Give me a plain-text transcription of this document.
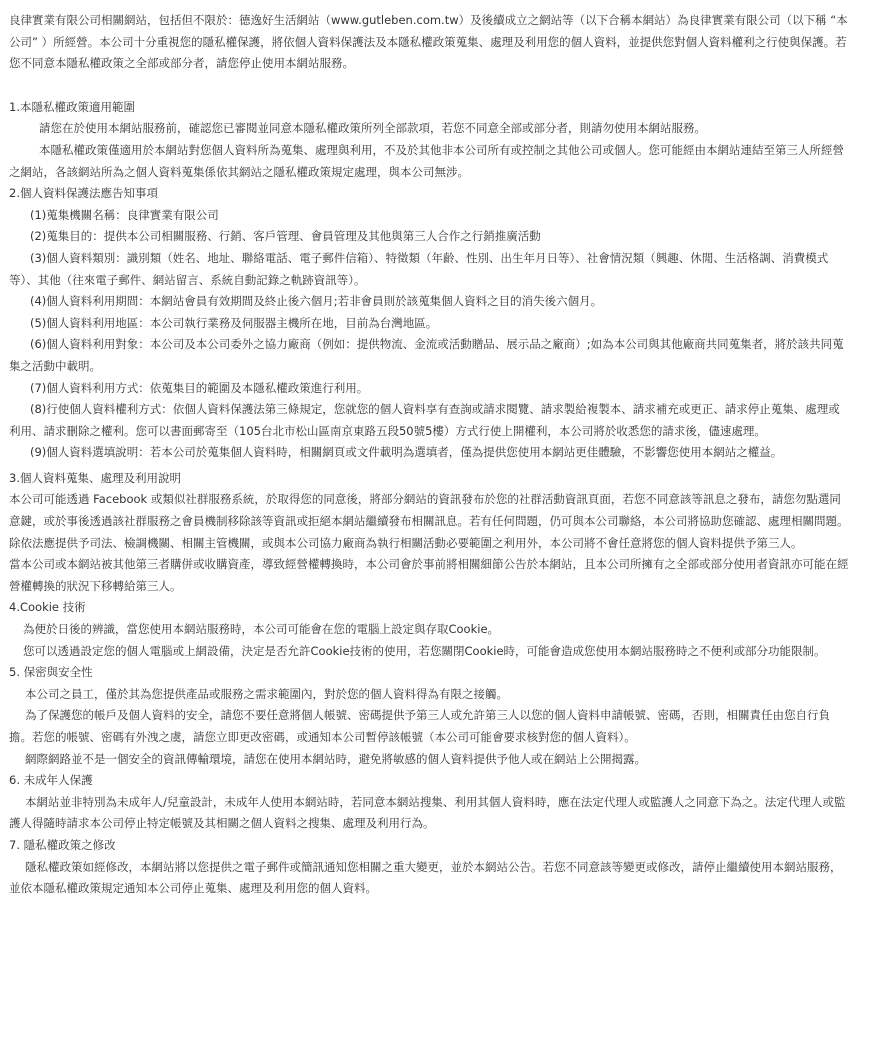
良律實業有限公司相關網站，包括但不限於：德逸好生活網站（www.gutleben.com.tw）及後續成立之網站等（以下合稱本網站）為良律實業有限公司（以下稱 “本公司” ）所經營。本公司十分重視您的隱私權保護，將依個人資料保護法及本隱私權政策蒐集、處理及利用您的個人資料，並提供您對個人資料權利之行使與保護。若您不同意本隱私權政策之全部或部分者，請您停止使用本網站服務。

1.本隱私權政策適用範圍

請您在於使用本網站服務前，確認您已審閱並同意本隱私權政策所列全部款項，若您不同意全部或部分者，則請勿使用本網站服務。

本隱私權政策僅適用於本網站對您個人資料所為蒐集、處理與利用，不及於其他非本公司所有或控制之其他公司或個人。您可能經由本網站連結至第三人所經營之網站，各該網站所為之個人資料蒐集係依其網站之隱私權政策規定處理，與本公司無涉。

2.個人資料保護法應告知事項

(1)蒐集機關名稱：良律實業有限公司

(2)蒐集目的：提供本公司相關服務、行銷、客戶管理、會員管理及其他與第三人合作之行銷推廣活動

(3)個人資料類別：識別類（姓名、地址、聯絡電話、電子郵件信箱）、特徵類（年齡、性別、出生年月日等）、社會情況類（興趣、休閒、生活格調、消費模式等）、其他（往來電子郵件、網站留言、系統自動記錄之軌跡資訊等）。

(4)個人資料利用期間：本網站會員有效期間及終止後六個月;若非會員則於該蒐集個人資料之目的消失後六個月。

(5)個人資料利用地區：本公司執行業務及伺服器主機所在地，目前為台灣地區。

(6)個人資料利用對象：本公司及本公司委外之協力廠商（例如：提供物流、金流或活動贈品、展示品之廠商）;如為本公司與其他廠商共同蒐集者，將於該共同蒐集之活動中載明。

(7)個人資料利用方式：依蒐集目的範圍及本隱私權政策進行利用。

(8)行使個人資料權利方式：依個人資料保護法第三條規定，您就您的個人資料享有查詢或請求閱覽、請求製給複製本、請求補充或更正、請求停止蒐集、處理或利用、請求刪除之權利。您可以書面郵寄至（105台北市松山區南京東路五段50號5樓）方式行使上開權利，本公司將於收悉您的請求後，儘速處理。

(9)個人資料選填說明：若本公司於蒐集個人資料時，相關網頁或文件載明為選填者，僅為提供您使用本網站更佳體驗，不影響您使用本網站之權益。

3.個人資料蒐集、處理及利用說明

本公司可能透過 Facebook 或類似社群服務系統，於取得您的同意後，將部分網站的資訊發布於您的社群活動資訊頁面，若您不同意該等訊息之發布，請您勿點選同意鍵，或於事後透過該社群服務之會員機制移除該等資訊或拒絕本網站繼續發布相關訊息。若有任何問題，仍可與本公司聯絡，本公司將協助您確認、處理相關問題。

除依法應提供予司法、檢調機關、相關主管機關，或與本公司協力廠商為執行相關活動必要範圍之利用外，本公司將不會任意將您的個人資料提供予第三人。

當本公司或本網站被其他第三者購併或收購資產，導致經營權轉換時，本公司會於事前將相關細節公告於本網站，且本公司所擁有之全部或部分使用者資訊亦可能在經營權轉換的狀況下移轉給第三人。

4.Cookie 技術

為便於日後的辨識，當您使用本網站服務時，本公司可能會在您的電腦上設定與存取Cookie。

您可以透過設定您的個人電腦或上網設備，決定是否允許Cookie技術的使用，若您關閉Cookie時，可能會造成您使用本網站服務時之不便利或部分功能限制。

5. 保密與安全性

本公司之員工，僅於其為您提供產品或服務之需求範圍內，對於您的個人資料得為有限之接觸。

為了保護您的帳戶及個人資料的安全，請您不要任意將個人帳號、密碼提供予第三人或允許第三人以您的個人資料申請帳號、密碼，否則，相關責任由您自行負擔。若您的帳號、密碼有外洩之虞，請您立即更改密碼，或通知本公司暫停該帳號（本公司可能會要求核對您的個人資料）。

網際網路並不是一個安全的資訊傳輸環境，請您在使用本網站時，避免將敏感的個人資料提供予他人或在網站上公開揭露。

6. 未成年人保護

本網站並非特別為未成年人/兒童設計，未成年人使用本網站時，若同意本網站搜集、利用其個人資料時，應在法定代理人或監護人之同意下為之。法定代理人或監護人得隨時請求本公司停止特定帳號及其相關之個人資料之搜集、處理及利用行為。

7. 隱私權政策之修改

隱私權政策如經修改，本網站將以您提供之電子郵件或簡訊通知您相關之重大變更，並於本網站公告。若您不同意該等變更或修改，請停止繼續使用本網站服務，並依本隱私權政策規定通知本公司停止蒐集、處理及利用您的個人資料。
